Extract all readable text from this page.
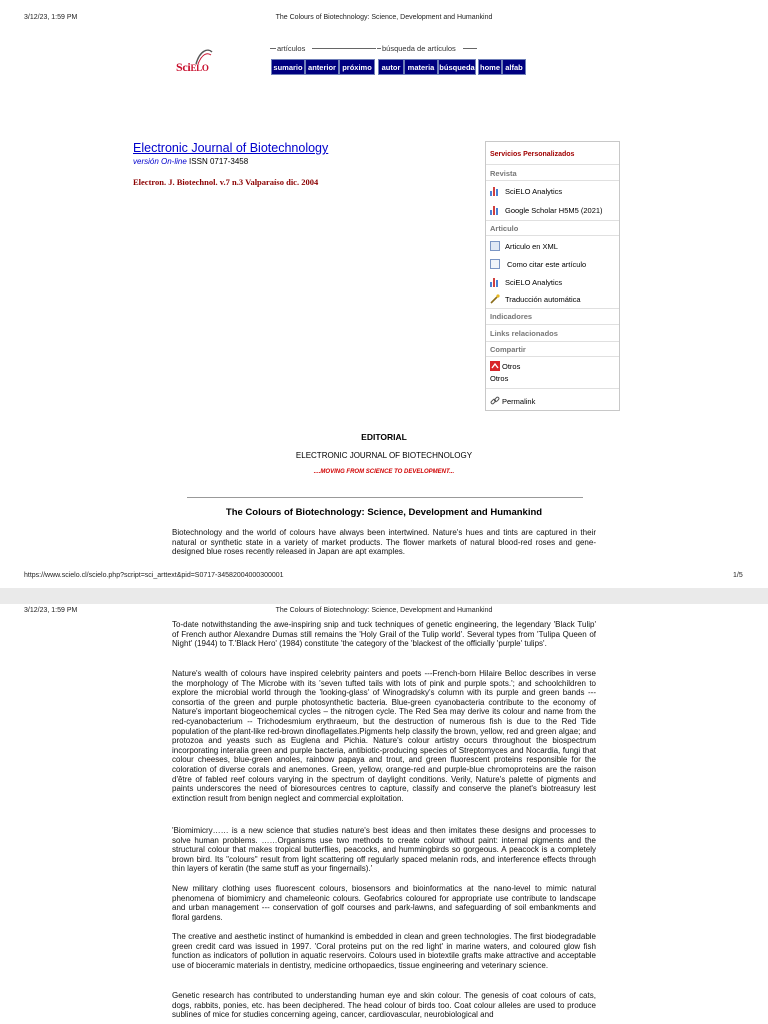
3/12/23, 1:59 PM	The Colours of Biotechnology: Science, Development and Humankind
SciELO
artículos	búsqueda de artículos
sumario anterior próximo	autor materia búsqueda home alfab
Electronic Journal of Biotechnology
versión On-line ISSN 0717-3458
Electron. J. Biotechnol. v.7 n.3 Valparaíso dic. 2004
Servicios Personalizados
Revista
SciELO Analytics
Google Scholar H5M5 (2021)
Articulo
Articulo en XML
Como citar este artículo
SciELO Analytics
Traducción automática
Indicadores
Links relacionados
Compartir
Otros
Otros
Permalink
EDITORIAL
ELECTRONIC JOURNAL OF BIOTECHNOLOGY
....MOVING FROM SCIENCE TO DEVELOPMENT...
The Colours of Biotechnology: Science, Development and Humankind
Biotechnology and the world of colours have always been intertwined. Nature's hues and tints are captured in their natural or synthetic state in a variety of market products. The flower markets of natural blood-red roses and gene-designed blue roses recently released in Japan are apt examples.
https://www.scielo.cl/scielo.php?script=sci_arttext&pid=S0717-34582004000300001	1/5
3/12/23, 1:59 PM	The Colours of Biotechnology: Science, Development and Humankind
To-date notwithstanding the awe-inspiring snip and tuck techniques of genetic engineering, the legendary 'Black Tulip' of French author Alexandre Dumas still remains the 'Holy Grail of the Tulip world'. Several types from 'Tulipa Queen of Night' (1944) to T.'Black Hero' (1984) constitute 'the category of the 'blackest of the officially 'purple' tulips'.
Nature's wealth of colours have inspired celebrity painters and poets ---French-born Hilaire Belloc describes in verse the morphology of The Microbe with its 'seven tufted tails with lots of pink and purple spots.'; and schoolchildren to explore the microbial world through the 'looking-glass' of Winogradsky's column with its purple and green bands ---consortia of the green and purple photosynthetic bacteria. Blue-green cyanobacteria contribute to the economy of Nature's important biogeochemical cycles – the nitrogen cycle. The Red Sea may derive its colour and name from the red-cyanobacterium -- Trichodesmium erythraeum, but the destruction of numerous fish is due to the Red Tide population of the plant-like red-brown dinoflagellates.Pigments help classify the brown, yellow, red and green algae; and protozoa and yeasts such as Euglena and Pichia. Nature's colour artistry occurs throughout the biospectrum incorporating interalia green and purple bacteria, antibiotic-producing species of Streptomyces and Nocardia, fungi that colour cheeses, blue-green anoles, rainbow papaya and trout, and green fluorescent proteins responsible for the coloration of diverse corals and anemones. Green, yellow, orange-red and purple-blue chromoproteins are the raison d'être of fabled reef colours varying in the spectrum of daylight conditions. Verily, Nature's palette of pigments and paints underscores the need of bioresources centres to capture, classify and conserve the planet's biotreasury lest extinction result from benign neglect and commercial exploitation.
'Biomimicry…… is a new science that studies nature's best ideas and then imitates these designs and processes to solve human problems. ……Organisms use two methods to create colour without paint: internal pigments and the structural colour that makes tropical butterflies, peacocks, and hummingbirds so gorgeous. A peacock is a completely brown bird. Its "colours" result from light scattering off regularly spaced melanin rods, and interference effects through thin layers of keratin (the same stuff as your fingernails).'
New military clothing uses fluorescent colours, biosensors and bioinformatics at the nano-level to mimic natural phenomena of biomimicry and chameleonic colours. Geofabrics coloured for appropriate use contribute to landscape and urban management --- conservation of golf courses and park-lawns, and safeguarding of soil embankments and floral gardens.
The creative and aesthetic instinct of humankind is embedded in clean and green technologies. The first biodegradable green credit card was issued in 1997. 'Coral proteins put on the red light' in marine waters, and coloured glow fish function as indicators of pollution in aquatic reservoirs. Colours used in biotextile grafts make attractive and acceptable use of bioceramic materials in dentistry, medicine orthopaedics, tissue engineering and veterinary science.
Genetic research has contributed to understanding human eye and skin colour. The genesis of coat colours of cats, dogs, rabbits, ponies, etc. has been deciphered. The head colour of birds too. Coat colour alleles are used to produce sublines of mice for studies concerning ageing, cancer, cardiovascular, neurobiological and
